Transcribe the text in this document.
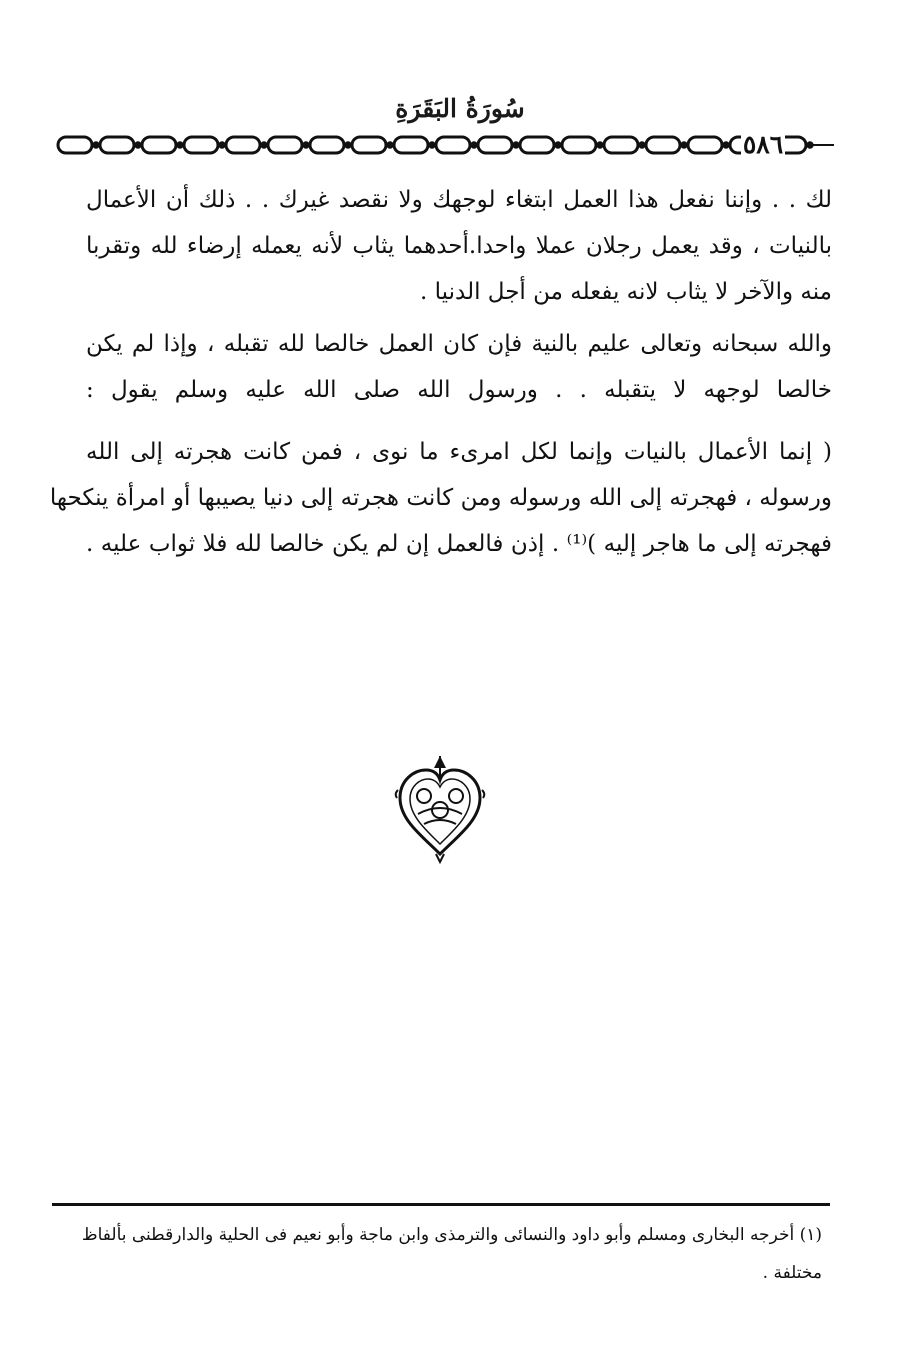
سُورَةُ البَقَرَةِ
٥٨٦
لك . . وإننا نفعل هذا العمل ابتغاء لوجهك ولا نقصد غيرك . . ذلك أن الأعمال
بالنيات ، وقد يعمل رجلان عملا واحدا.أحدهما يثاب لأنه يعمله إرضاء لله وتقربا
منه والآخر لا يثاب لانه يفعله من أجل الدنيا .
والله سبحانه وتعالى عليم بالنية فإن كان العمل خالصا لله تقبله ، وإذا لم يكن
خالصا لوجهه لا يتقبله . . ورسول الله صلى الله عليه وسلم يقول :
( إنما الأعمال بالنيات وإنما لكل امرىء ما نوى ، فمن كانت هجرته إلى الله
ورسوله ، فهجرته إلى الله ورسوله ومن كانت هجرته إلى دنيا يصيبها أو امرأة ينكحها
فهجرته إلى ما هاجر إليه )⁽¹⁾ . إذن فالعمل إن لم يكن خالصا لله فلا ثواب عليه .
(١) أخرجه البخارى ومسلم وأبو داود والنسائى والترمذى وابن ماجة وأبو نعيم فى الحلية والدارقطنى بألفاظ
مختلفة .
